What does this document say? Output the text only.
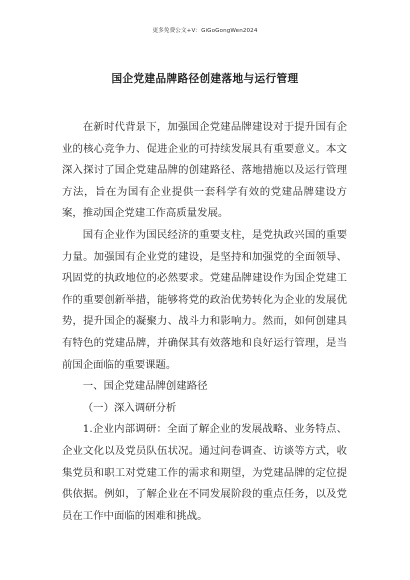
更多免费公文+V：GiGoGongWen2024
国企党建品牌路径创建落地与运行管理

在新时代背景下，加强国企党建品牌建设对于提升国有企业的核心竞争力、促进企业的可持续发展具有重要意义。本文深入探讨了国企党建品牌的创建路径、落地措施以及运行管理方法，旨在为国有企业提供一套科学有效的党建品牌建设方案，推动国企党建工作高质量发展。

国有企业作为国民经济的重要支柱，是党执政兴国的重要力量。加强国有企业党的建设，是坚持和加强党的全面领导、巩固党的执政地位的必然要求。党建品牌建设作为国企党建工作的重要创新举措，能够将党的政治优势转化为企业的发展优势，提升国企的凝聚力、战斗力和影响力。然而，如何创建具有特色的党建品牌，并确保其有效落地和良好运行管理，是当前国企面临的重要课题。

一、国企党建品牌创建路径

（一）深入调研分析

1.企业内部调研：全面了解企业的发展战略、业务特点、企业文化以及党员队伍状况。通过问卷调查、访谈等方式，收集党员和职工对党建工作的需求和期望，为党建品牌的定位提供依据。例如，了解企业在不同发展阶段的重点任务，以及党员在工作中面临的困难和挑战。
